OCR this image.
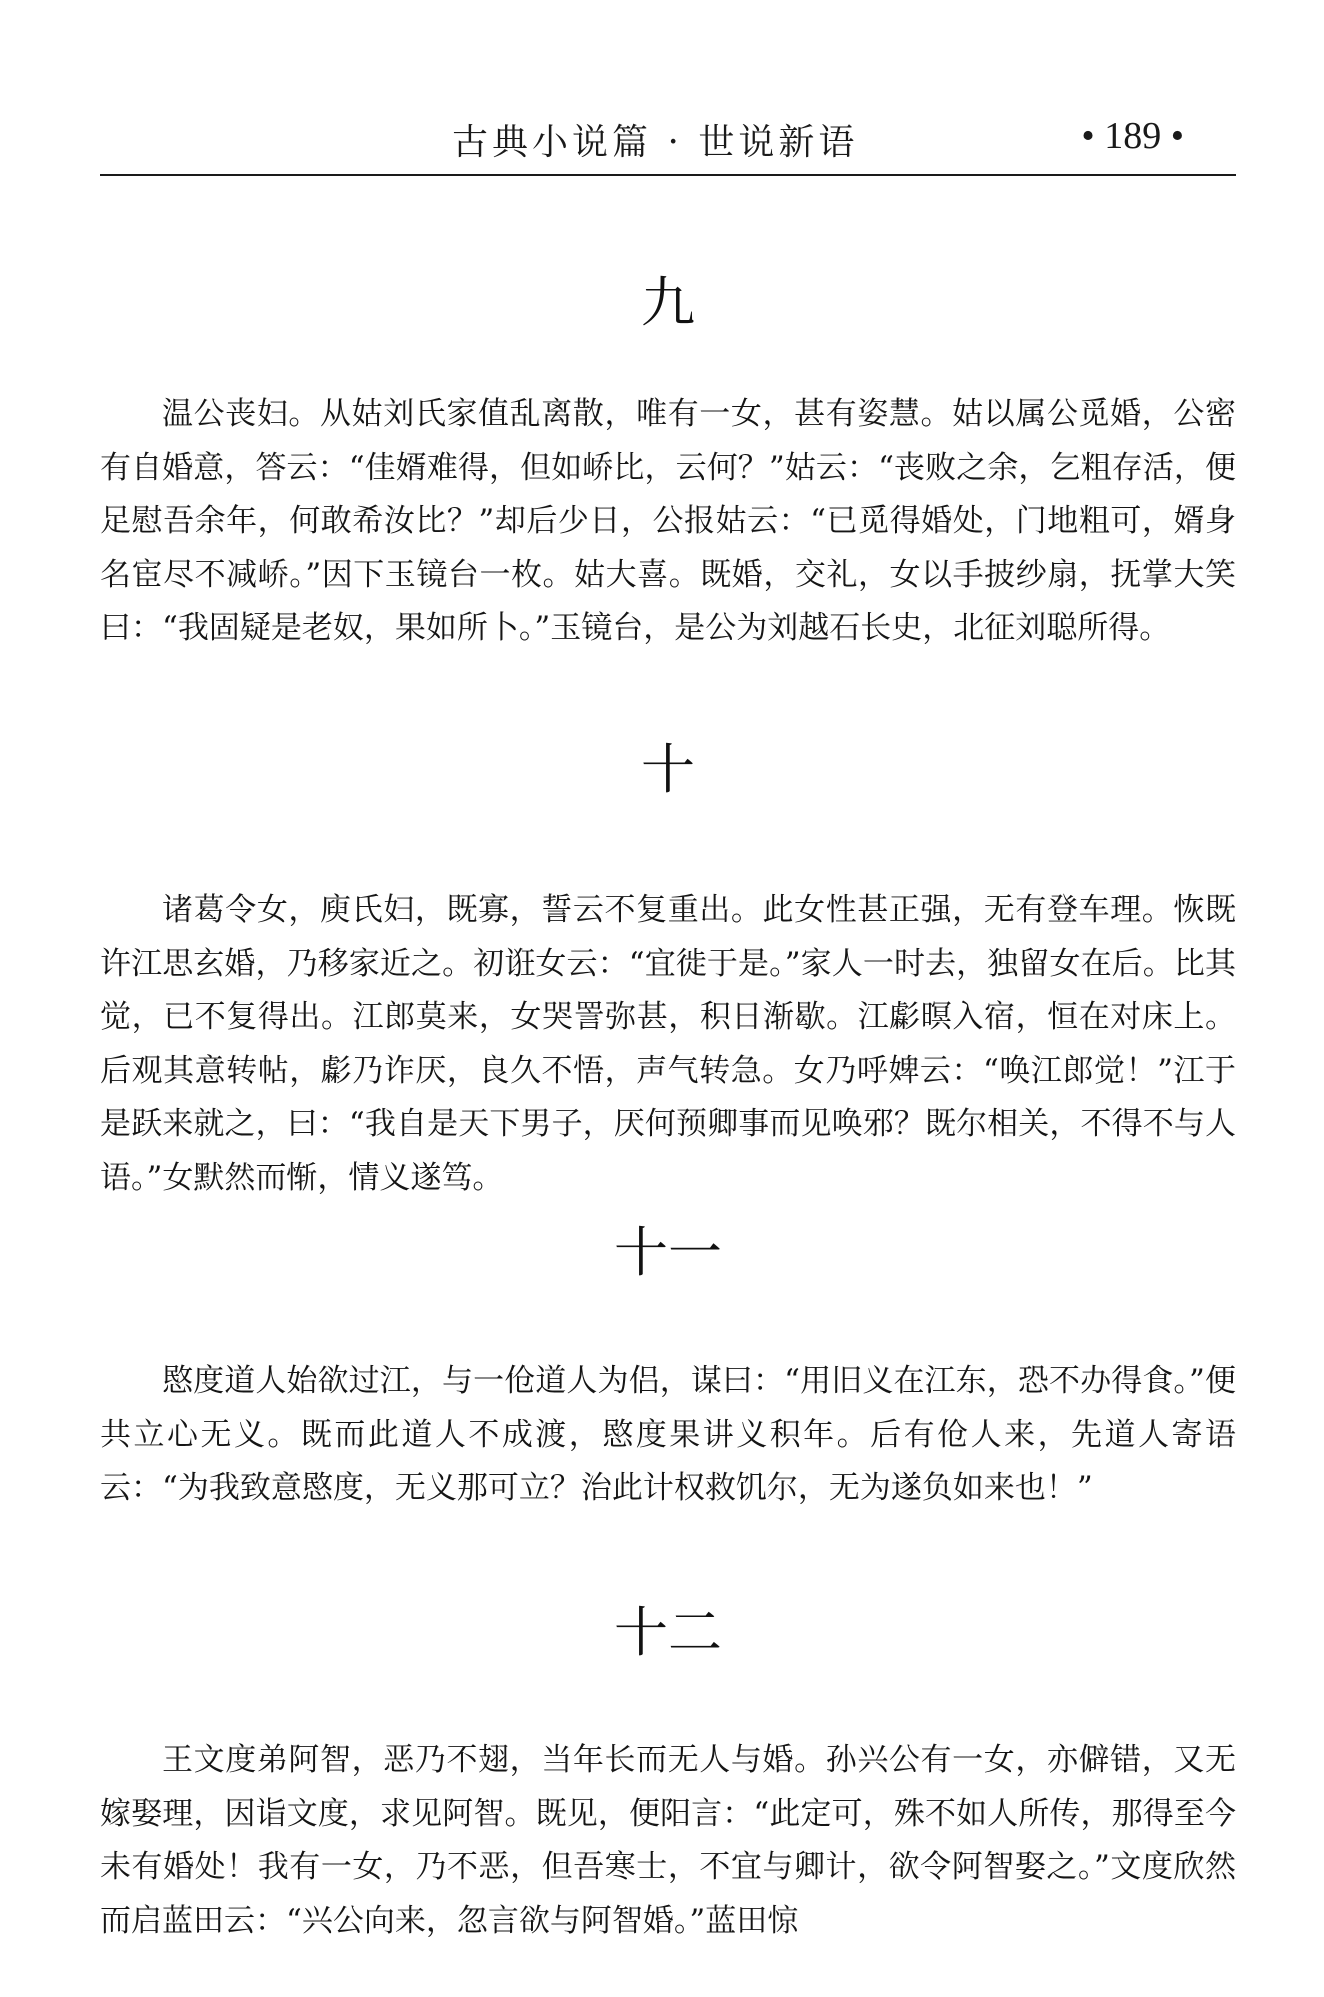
古典小说篇 · 世说新语	• 189 •
九

温公丧妇。从姑刘氏家值乱离散，唯有一女，甚有姿慧。姑以属公觅婚，公密有自婚意，答云：“佳婿难得，但如峤比，云何？”姑云：“丧败之余，乞粗存活，便足慰吾余年，何敢希汝比？”却后少日，公报姑云：“已觅得婚处，门地粗可，婿身名宦尽不减峤。”因下玉镜台一枚。姑大喜。既婚，交礼，女以手披纱扇，抚掌大笑曰：“我固疑是老奴，果如所卜。”玉镜台，是公为刘越石长史，北征刘聪所得。

十

诸葛令女，庾氏妇，既寡，誓云不复重出。此女性甚正强，无有登车理。恢既许江思玄婚，乃移家近之。初诳女云：“宜徙于是。”家人一时去，独留女在后。比其觉，已不复得出。江郎莫来，女哭詈弥甚，积日渐歇。江虨暝入宿，恒在对床上。后观其意转帖，虨乃诈厌，良久不悟，声气转急。女乃呼婢云：“唤江郎觉！”江于是跃来就之，曰：“我自是天下男子，厌何预卿事而见唤邪？既尔相关，不得不与人语。”女默然而惭，情义遂笃。

十一

愍度道人始欲过江，与一伧道人为侣，谋曰：“用旧义在江东，恐不办得食。”便共立心无义。既而此道人不成渡，愍度果讲义积年。后有伧人来，先道人寄语云：“为我致意愍度，无义那可立？治此计权救饥尔，无为遂负如来也！”

十二

王文度弟阿智，恶乃不翅，当年长而无人与婚。孙兴公有一女，亦僻错，又无嫁娶理，因诣文度，求见阿智。既见，便阳言：“此定可，殊不如人所传，那得至今未有婚处！我有一女，乃不恶，但吾寒士，不宜与卿计，欲令阿智娶之。”文度欣然而启蓝田云：“兴公向来，忽言欲与阿智婚。”蓝田惊
